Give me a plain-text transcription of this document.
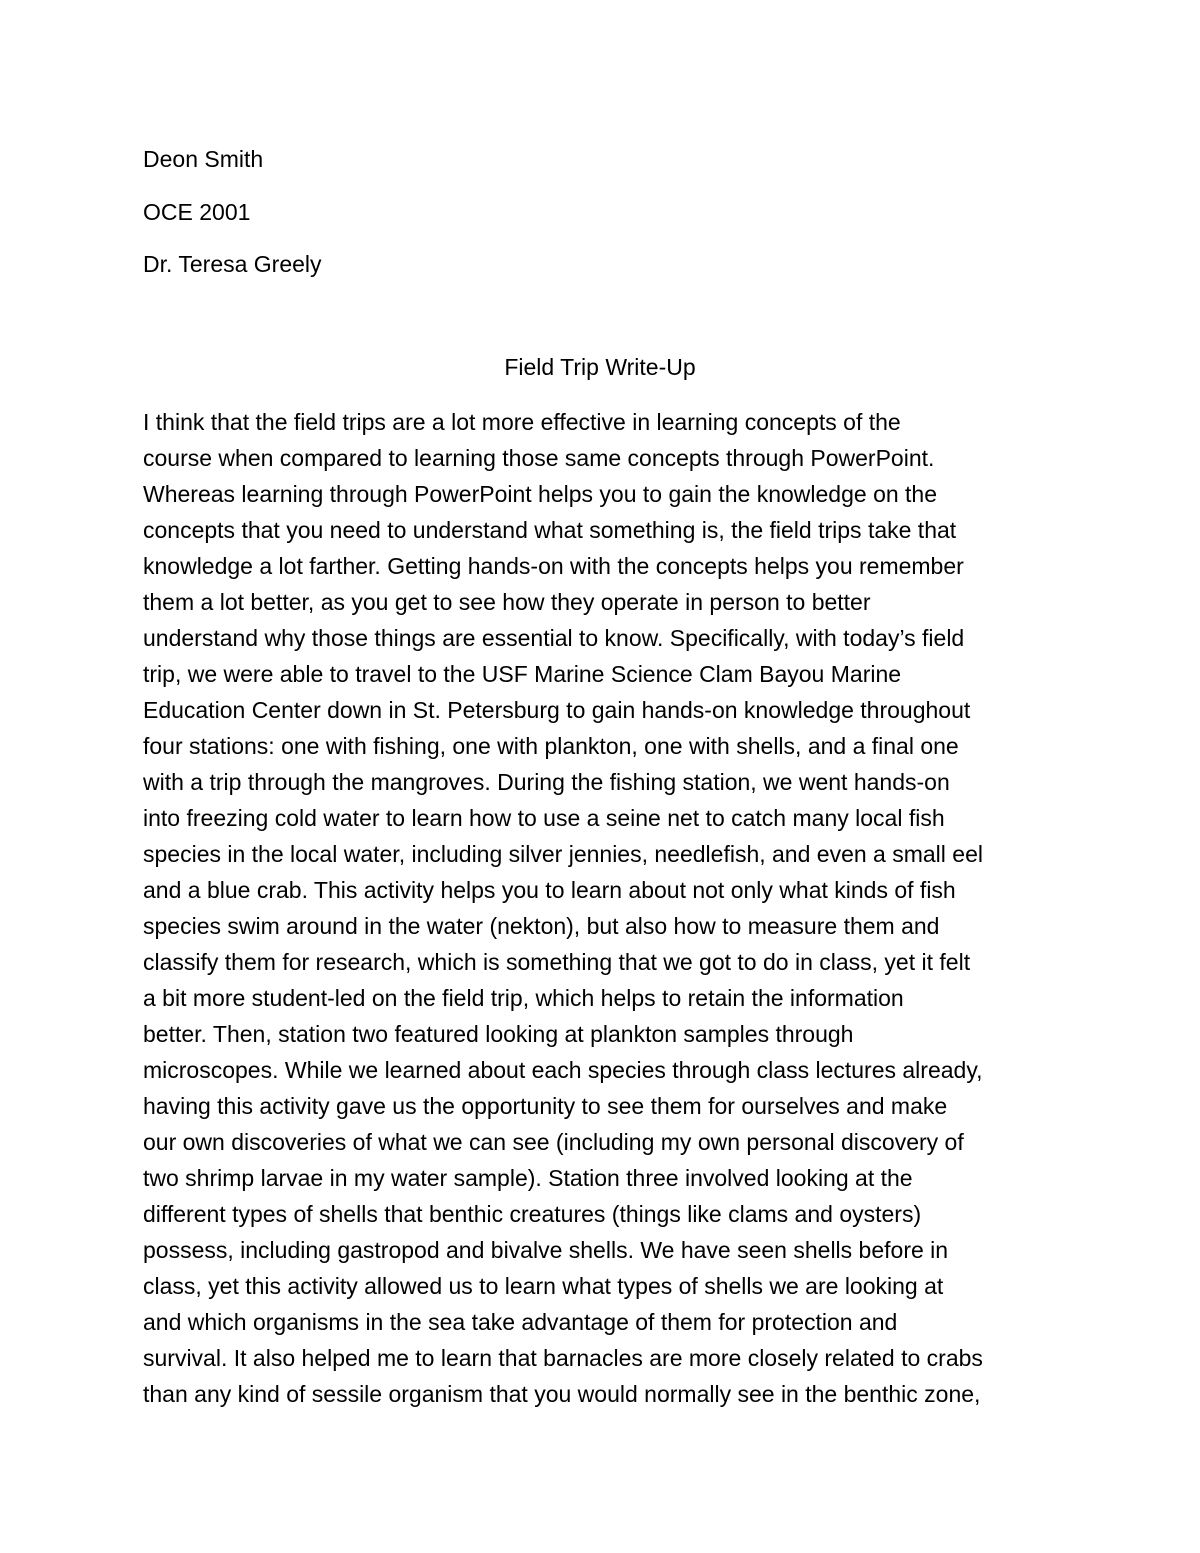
Deon Smith
OCE 2001
Dr. Teresa Greely
Field Trip Write-Up
I think that the field trips are a lot more effective in learning concepts of the
course when compared to learning those same concepts through PowerPoint.
Whereas learning through PowerPoint helps you to gain the knowledge on the
concepts that you need to understand what something is, the field trips take that
knowledge a lot farther. Getting hands-on with the concepts helps you remember
them a lot better, as you get to see how they operate in person to better
understand why those things are essential to know. Specifically, with today’s field
trip, we were able to travel to the USF Marine Science Clam Bayou Marine
Education Center down in St. Petersburg to gain hands-on knowledge throughout
four stations: one with fishing, one with plankton, one with shells, and a final one
with a trip through the mangroves. During the fishing station, we went hands-on
into freezing cold water to learn how to use a seine net to catch many local fish
species in the local water, including silver jennies, needlefish, and even a small eel
and a blue crab. This activity helps you to learn about not only what kinds of fish
species swim around in the water (nekton), but also how to measure them and
classify them for research, which is something that we got to do in class, yet it felt
a bit more student-led on the field trip, which helps to retain the information
better. Then, station two featured looking at plankton samples through
microscopes. While we learned about each species through class lectures already,
having this activity gave us the opportunity to see them for ourselves and make
our own discoveries of what we can see (including my own personal discovery of
two shrimp larvae in my water sample). Station three involved looking at the
different types of shells that benthic creatures (things like clams and oysters)
possess, including gastropod and bivalve shells. We have seen shells before in
class, yet this activity allowed us to learn what types of shells we are looking at
and which organisms in the sea take advantage of them for protection and
survival. It also helped me to learn that barnacles are more closely related to crabs
than any kind of sessile organism that you would normally see in the benthic zone,
